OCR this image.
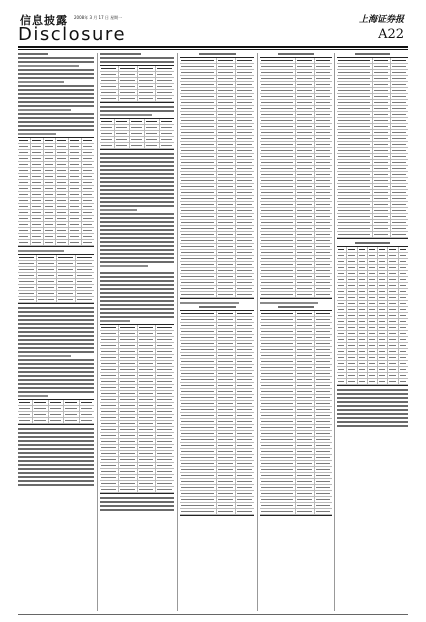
信息披露 2008年 3 月 17 日 星期一
Disclosure
上海证券报
A22
